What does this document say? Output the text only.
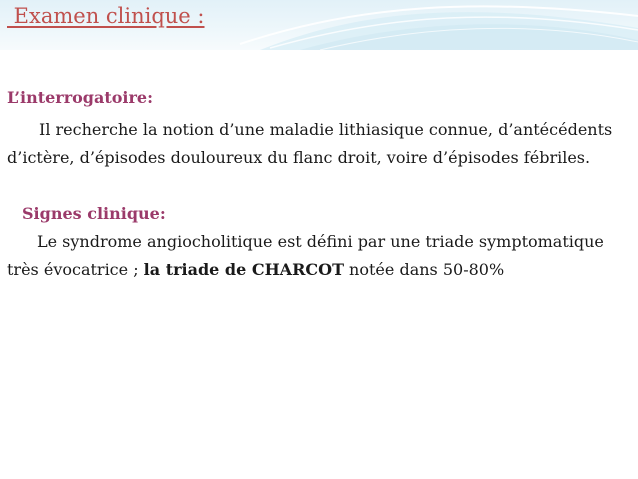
Examen clinique :
L’interrogatoire:

Il recherche la notion d’une maladie lithiasique connue, d’antécédents d’ictère, d’épisodes douloureux du flanc droit, voire d’épisodes fébriles.

Signes clinique:

Le syndrome angiocholitique est défini par une triade symptomatique très évocatrice ; la triade de CHARCOT notée dans 50-80%
